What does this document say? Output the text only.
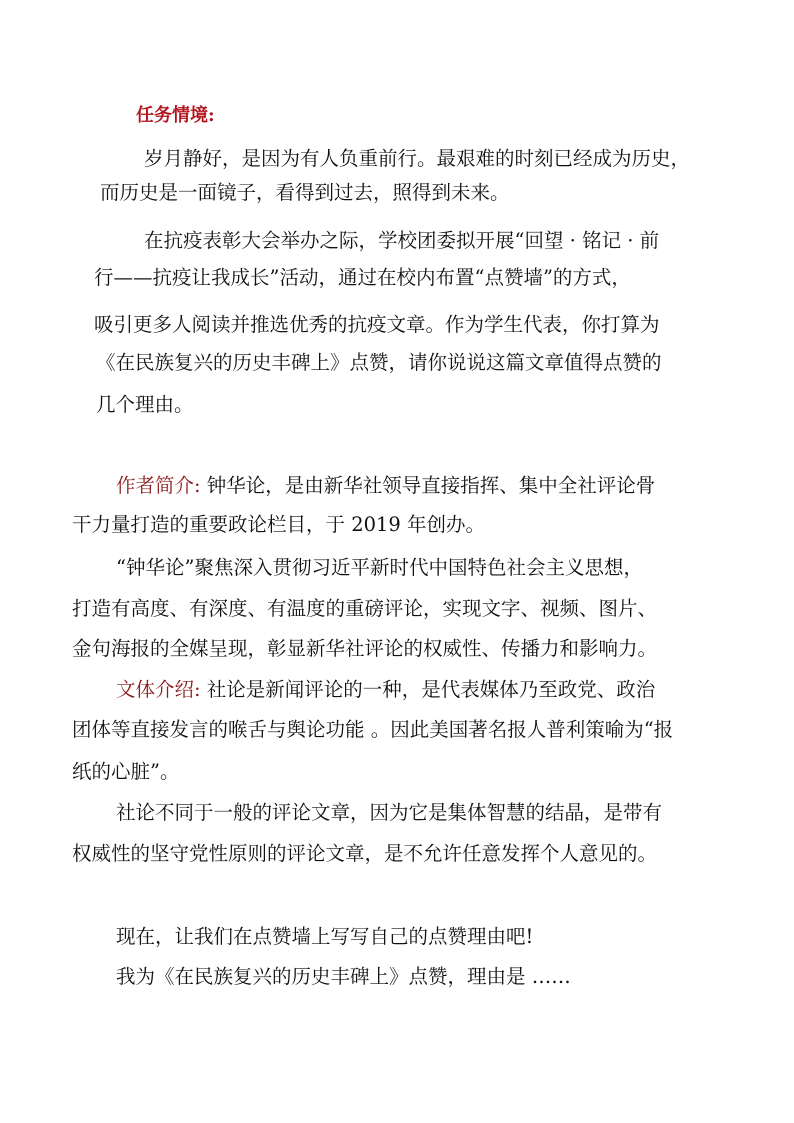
任务情境:
岁月静好，是因为有人负重前行。最艰难的时刻已经成为历史，
而历史是一面镜子，看得到过去，照得到未来。
在抗疫表彰大会举办之际，学校团委拟开展“回望 · 铭记 · 前
行——抗疫让我成长”活动，通过在校内布置“点赞墙”的方式，
吸引更多人阅读并推选优秀的抗疫文章。作为学生代表，你打算为
《在民族复兴的历史丰碑上》点赞，请你说说这篇文章值得点赞的
几个理由。
作者简介: 钟华论，是由新华社领导直接指挥、集中全社评论骨
干力量打造的重要政论栏目，于 2019 年创办。
“钟华论”聚焦深入贯彻习近平新时代中国特色社会主义思想，
打造有高度、有深度、有温度的重磅评论，实现文字、视频、图片、
金句海报的全媒呈现，彰显新华社评论的权威性、传播力和影响力。
文体介绍: 社论是新闻评论的一种，是代表媒体乃至政党、政治
团体等直接发言的喉舌与舆论功能 。因此美国著名报人普利策喻为“报
纸的心脏”。
社论不同于一般的评论文章，因为它是集体智慧的结晶，是带有
权威性的坚守党性原则的评论文章，是不允许任意发挥个人意见的。
现在，让我们在点赞墙上写写自己的点赞理由吧!
我为《在民族复兴的历史丰碑上》点赞，理由是 ……
